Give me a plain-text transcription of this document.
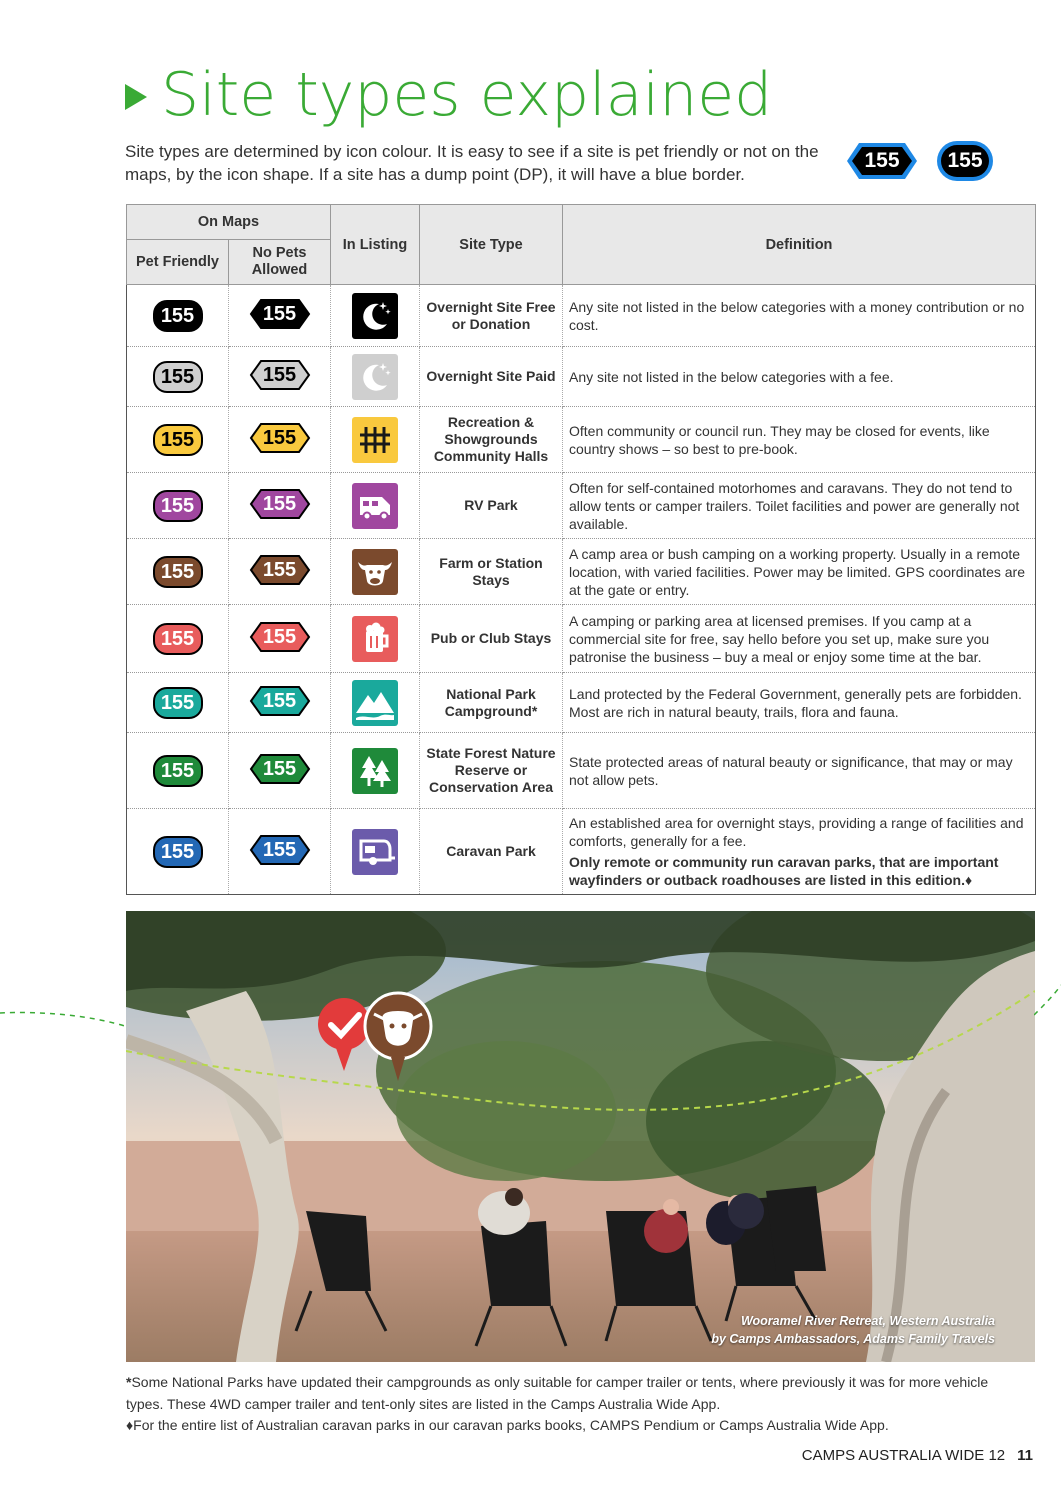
Site types explained
Site types are determined by icon colour. It is easy to see if a site is pet friendly or not on the maps, by the icon shape. If a site has a dump point (DP), it will have a blue border.
155	155
On Maps		In Listing	Site Type	Definition
Pet Friendly	No Pets Allowed			
155	155		Overnight Site Free or Donation	Any site not listed in the below categories with a money contribution or no cost.

155	155		Overnight Site Paid	Any site not listed in the below categories with a fee.

155	155		Recreation & Showgrounds Community Halls	Often community or council run. They may be closed for events, like country shows – so best to pre-book.

155	155		RV Park	Often for self-contained motorhomes and caravans. They do not tend to allow tents or camper trailers. Toilet facilities and power are generally not available.

155	155		Farm or Station Stays	A camp area or bush camping on a working property. Usually in a remote location, with varied facilities. Power may be limited. GPS coordinates are at the gate or entry.

155	155		Pub or Club Stays	A camping or parking area at licensed premises. If you camp at a commercial site for free, say hello before you set up, make sure you patronise the business – buy a meal or enjoy some time at the bar.

155	155		National Park Campground*	Land protected by the Federal Government, generally pets are forbidden. Most are rich in natural beauty, trails, flora and fauna.

155	155		State Forest Nature Reserve or Conservation Area	State protected areas of natural beauty or significance, that may or may not allow pets.

155	155		Caravan Park	An established area for overnight stays, providing a range of facilities and comforts, generally for a fee.
Only remote or community run caravan parks, that are important wayfinders or outback roadhouses are listed in this edition.♦
Wooramel River Retreat, Western Australia
by Camps Ambassadors, Adams Family Travels
*Some National Parks have updated their campgrounds as only suitable for camper trailer or tents, where previously it was for more vehicle types. These 4WD camper trailer and tent-only sites are listed in the Camps Australia Wide App.
♦For the entire list of Australian caravan parks in our caravan parks books, CAMPS Pendium or Camps Australia Wide App.
CAMPS AUSTRALIA WIDE 12 11
